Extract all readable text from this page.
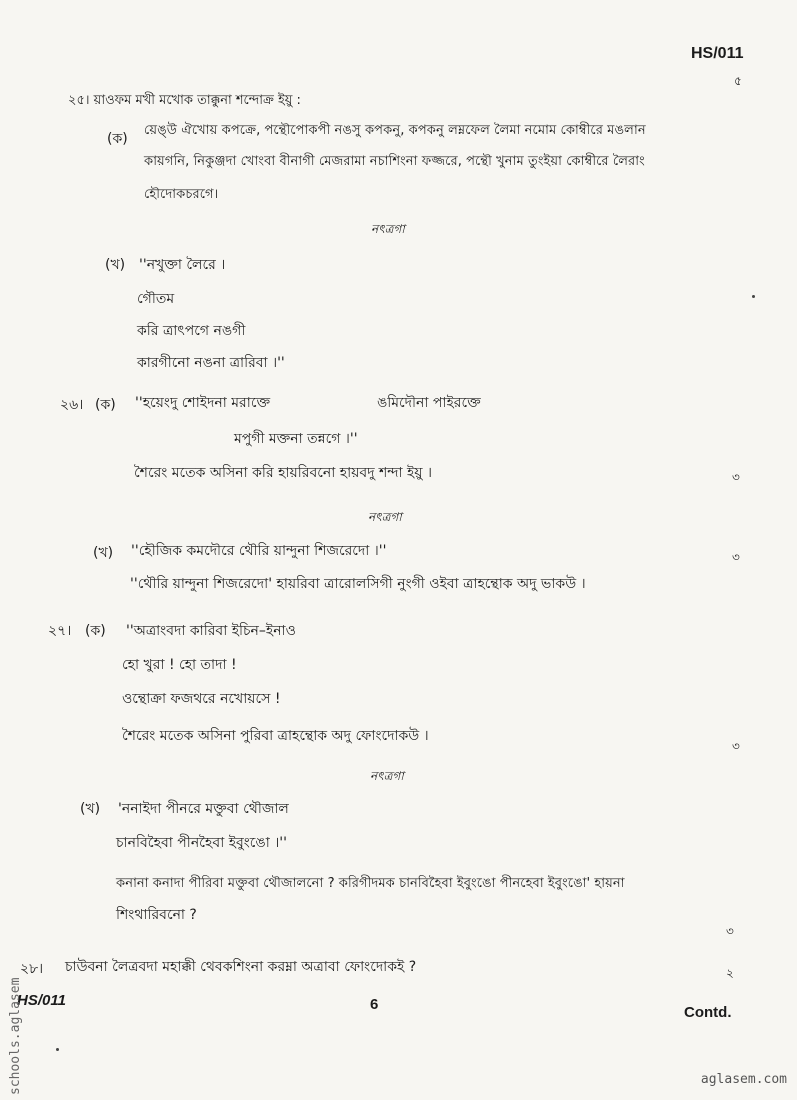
HS/011
৫
২৫। য়াওফম মখী মখোক তাক্কুনা শন্দোক্র ইয়ু :
(ক)
য়েঙ্উ ঐখোয় কপক্রে, পন্থৌপোকপী নঙসু কপকনু, কপকনু লম্নফেল লৈমা নমোম কোম্বীরে মঙলান
কায়গনি, নিকুঞ্জদা খোংবা বীনাগী মেজরামা নচাশিংনা ফজ্জরে, পন্থৌ খুনাম তুংইয়া কোম্বীরে লৈরাং
হৌদোকচরগে।
নৎত্রগা
(খ) ''নখুক্তা লৈরে ।
গৌতম
করি ত্রাৎপগে নঙগী
কারগীনো নঙনা ত্রারিবা ।''
২৬। (ক) ''হয়েংদু শোইদনা মরাক্তে	ঙমিদৌনা পাইরক্তে
মপুগী মক্তনা তন্নগে ।''
শৈরেং মতেক অসিনা করি হায়রিবনো হায়বদু শন্দা ইয়ু ।	৩
নৎত্রগা
(খ) ''হৌজিক কমদৌরে থৌরি য়ান্দুনা শিজরেদো ।''	৩
''থৌরি য়ান্দুনা শিজরেদো' হায়রিবা ত্রারোলসিগী নুংগী ওইবা ত্রাহন্থোক অদু ভাকউ ।
২৭। (ক) ''অত্রাংবদা কারিবা ইচিন–ইনাও
হো খুরা ! হো তাদা !
ওন্থোক্রা ফজথরে নখোয়সে !
শৈরেং মতেক অসিনা পুরিবা ত্রাহন্থোক অদু ফোংদোকউ ।
৩
নৎত্রগা
(খ) 'ননাইদা পীনরে মক্তুবা থৌজাল
চানবিহৈবা পীনহৈবা ইবুংঙো ।''
কনানা কনাদা পীরিবা মক্তুবা থৌজালনো ? করিগীদমক চানবিহৈবা ইবুংঙো পীনহেবা ইবুংঙো' হায়না
শিংথারিবনো ?
৩
২৮। চাউবনা লৈত্রবদা মহাক্কী থেবকশিংনা করম্না অত্রাবা ফোংদোকই ?	২
HS/011	6	Contd.
schools.aglasem	aglasem.com
